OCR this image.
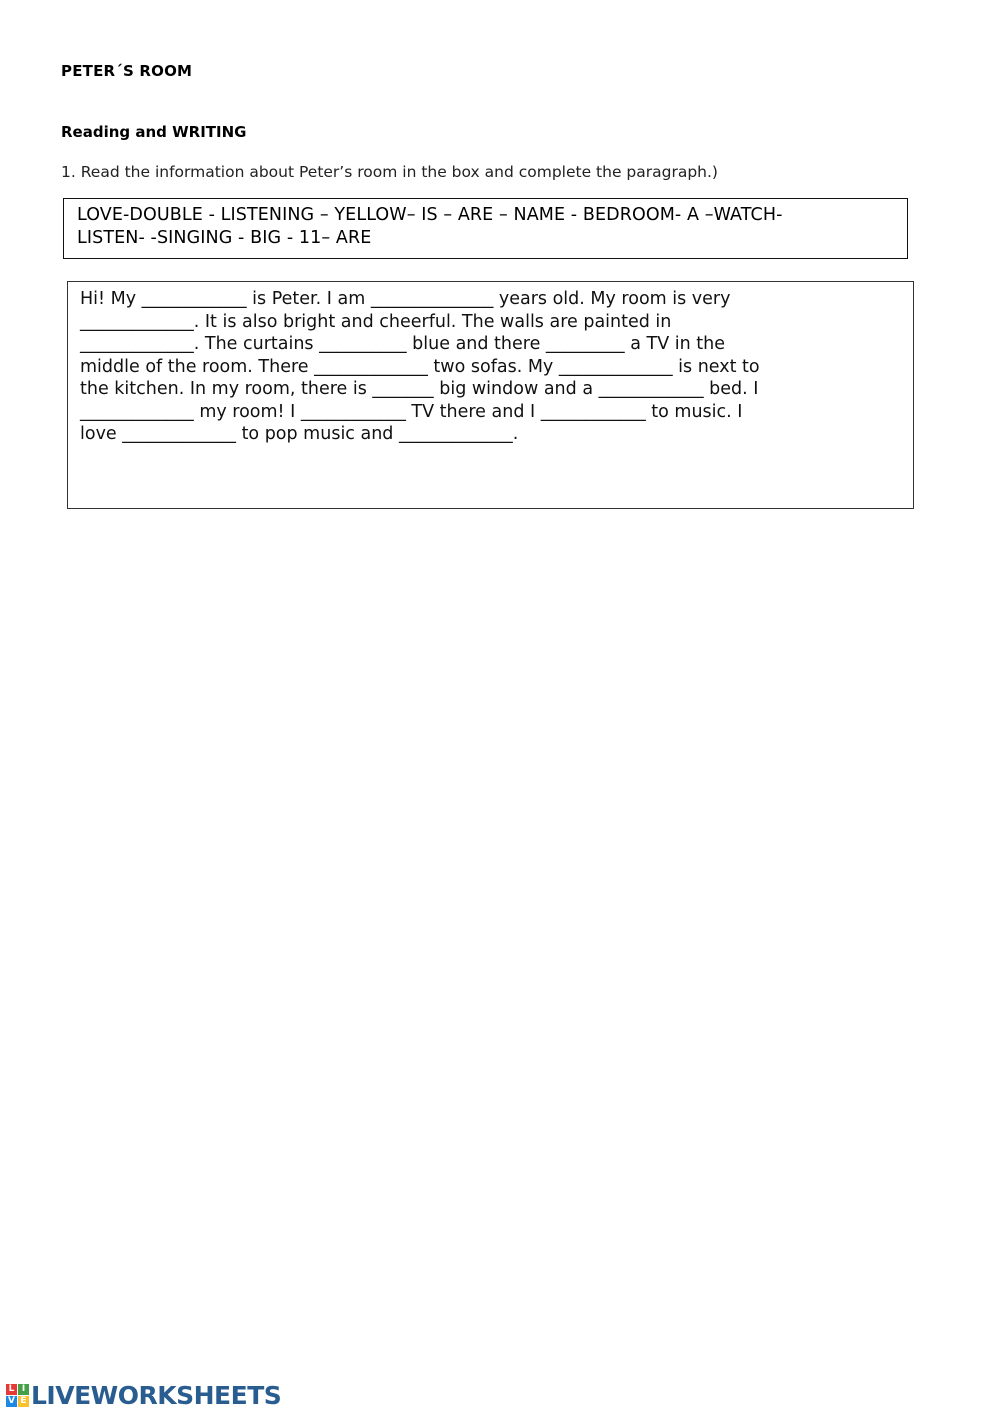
PETER´S ROOM
Reading and WRITING
1. Read the information about Peter’s room in the box and complete the paragraph.)
LOVE-DOUBLE - LISTENING – YELLOW– IS – ARE – NAME - BEDROOM- A –WATCH-
LISTEN- -SINGING - BIG - 11– ARE
Hi! My ____________ is Peter. I am ______________ years old. My room is very
_____________. It is also bright and cheerful. The walls are painted in
_____________. The curtains __________ blue and there _________ a TV in the
middle of the room. There _____________ two sofas. My _____________ is next to
the kitchen. In my room, there is _______ big window and a ____________ bed. I
_____________ my room! I ____________ TV there and I ____________ to music. I
love _____________ to pop music and _____________.
L I
V E LIVEWORKSHEETS
